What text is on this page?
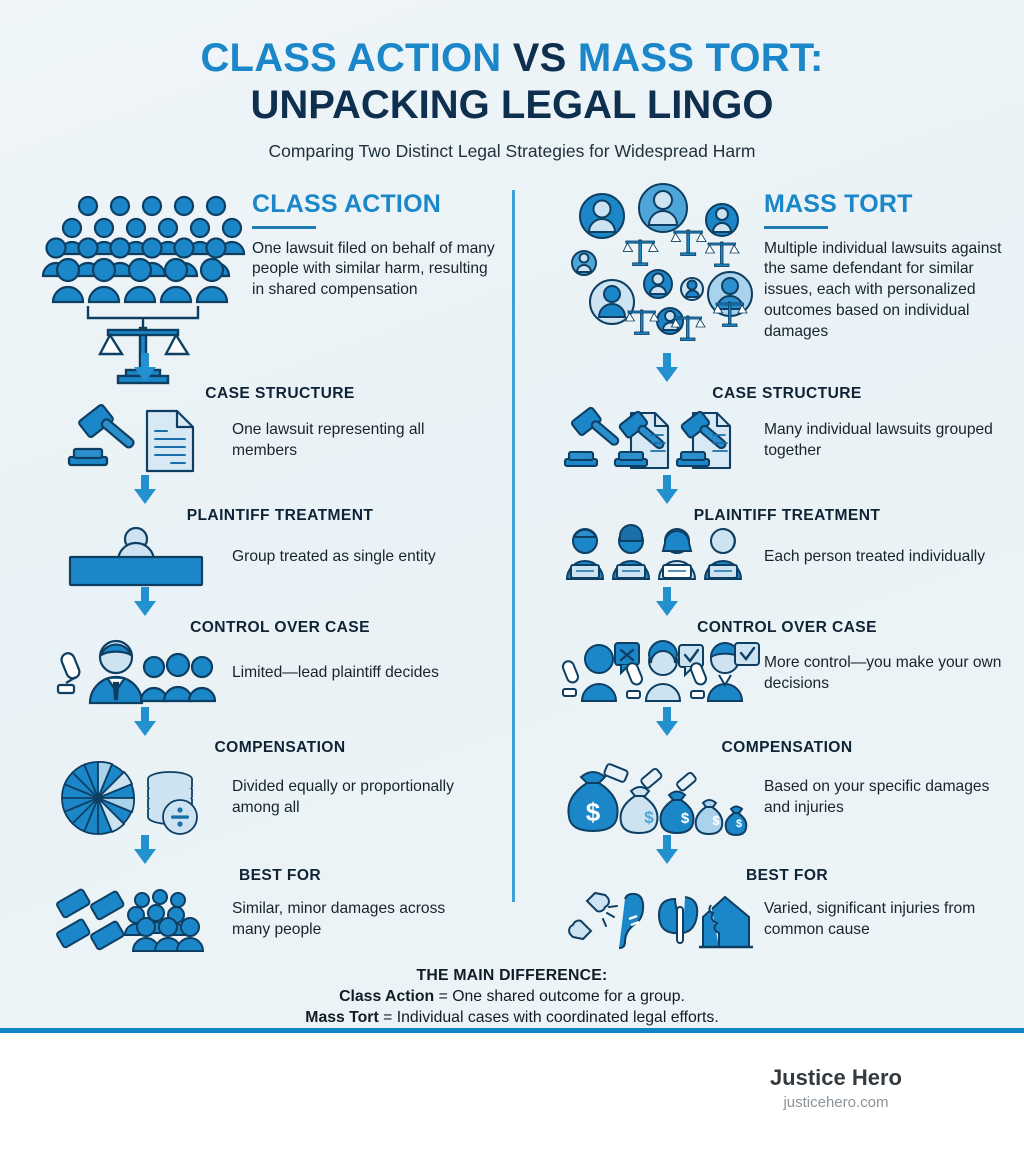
CLASS ACTION VS MASS TORT:
UNPACKING LEGAL LINGO
Comparing Two Distinct Legal Strategies for Widespread Harm
CLASS ACTION
One lawsuit filed on behalf of many people with similar harm, resulting in shared compensation
CASE STRUCTURE
One lawsuit representing all members
PLAINTIFF TREATMENT
Group treated as single entity
CONTROL OVER CASE
Limited—lead plaintiff decides
COMPENSATION
Divided equally or proportionally among all
BEST FOR
Similar, minor damages across many people
MASS TORT
Multiple individual lawsuits against the same defendant for similar issues, each with personalized outcomes based on individual damages
CASE STRUCTURE
Many individual lawsuits grouped together
PLAINTIFF TREATMENT
Each person treated individually
CONTROL OVER CASE
More control—you make your own decisions
COMPENSATION
$	$ $ $ $
Based on your specific damages and injuries
BEST FOR
Varied, significant injuries from common cause
THE MAIN DIFFERENCE:
Class Action = One shared outcome for a group.
Mass Tort = Individual cases with coordinated legal efforts.
Justice Hero
justicehero.com
